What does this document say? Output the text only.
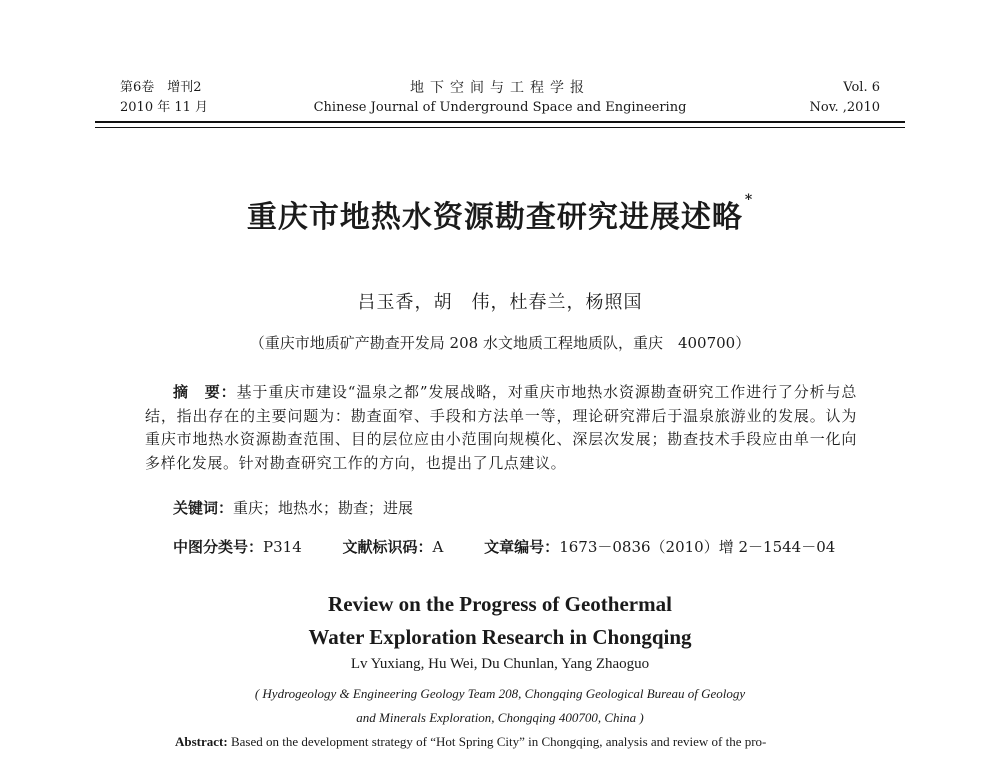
第6卷　增刊2
2010 年 11 月
地下空间与工程学报
Chinese Journal of Underground Space and Engineering
Vol. 6
Nov. ,2010
重庆市地热水资源勘查研究进展述略 *
吕玉香，胡　伟，杜春兰，杨照国
（重庆市地质矿产勘查开发局 208 水文地质工程地质队，重庆　400700）
摘　要：基于重庆市建设“温泉之都”发展战略，对重庆市地热水资源勘查研究工作进行了分析与总结，指出存在的主要问题为：勘查面窄、手段和方法单一等，理论研究滞后于温泉旅游业的发展。认为重庆市地热水资源勘查范围、目的层位应由小范围向规模化、深层次发展；勘查技术手段应由单一化向多样化发展。针对勘查研究工作的方向，也提出了几点建议。
关键词：重庆；地热水；勘查；进展
中图分类号：P314	文献标识码：A	文章编号：1673－0836（2010）增 2－1544－04
Review on the Progress of Geothermal
Water Exploration Research in Chongqing
Lv Yuxiang, Hu Wei, Du Chunlan, Yang Zhaoguo
( Hydrogeology & Engineering Geology Team 208, Chongqing Geological Bureau of Geology
and Minerals Exploration, Chongqing 400700, China )
Abstract: Based on the development strategy of “Hot Spring City” in Chongqing, analysis and review of the pro-
